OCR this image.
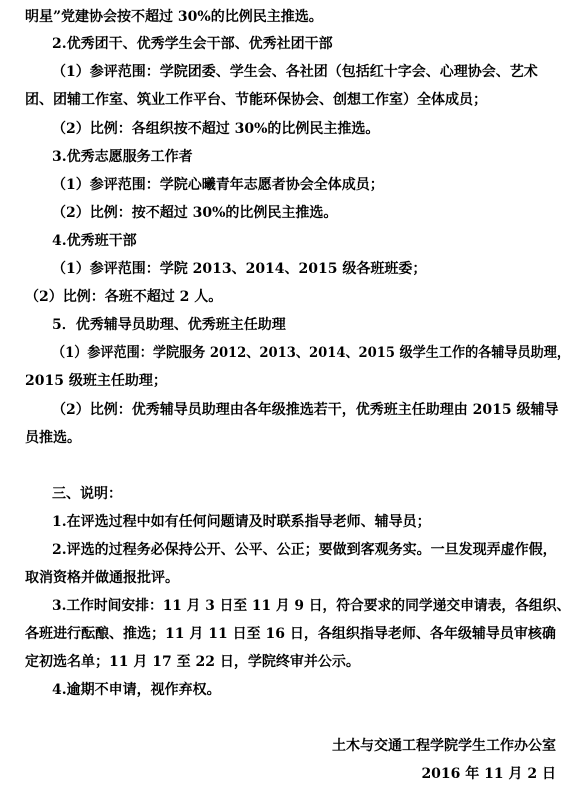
明星”党建协会按不超过 30%的比例民主推选。
2.优秀团干、优秀学生会干部、优秀社团干部
（1）参评范围：学院团委、学生会、各社团（包括红十字会、心理协会、艺术
团、团辅工作室、筑业工作平台、节能环保协会、创想工作室）全体成员；
（2）比例：各组织按不超过 30%的比例民主推选。
3.优秀志愿服务工作者
（1）参评范围：学院心曦青年志愿者协会全体成员；
（2）比例：按不超过 30%的比例民主推选。
4.优秀班干部
（1）参评范围：学院 2013、2014、2015 级各班班委；
（2）比例：各班不超过 2 人。
5．优秀辅导员助理、优秀班主任助理
（1）参评范围：学院服务 2012、2013、2014、2015 级学生工作的各辅导员助理，
2015 级班主任助理；
（2）比例：优秀辅导员助理由各年级推选若干，优秀班主任助理由 2015 级辅导
员推选。
三、说明：
1.在评选过程中如有任何问题请及时联系指导老师、辅导员；
2.评选的过程务必保持公开、公平、公正；要做到客观务实。一旦发现弄虚作假，
取消资格并做通报批评。
3.工作时间安排：11 月 3 日至 11 月 9 日，符合要求的同学递交申请表，各组织、
各班进行酝酿、推选；11 月 11 日至 16 日，各组织指导老师、各年级辅导员审核确
定初选名单；11 月 17 至 22 日，学院终审并公示。
4.逾期不申请，视作弃权。
土木与交通工程学院学生工作办公室
2016 年 11 月 2 日
